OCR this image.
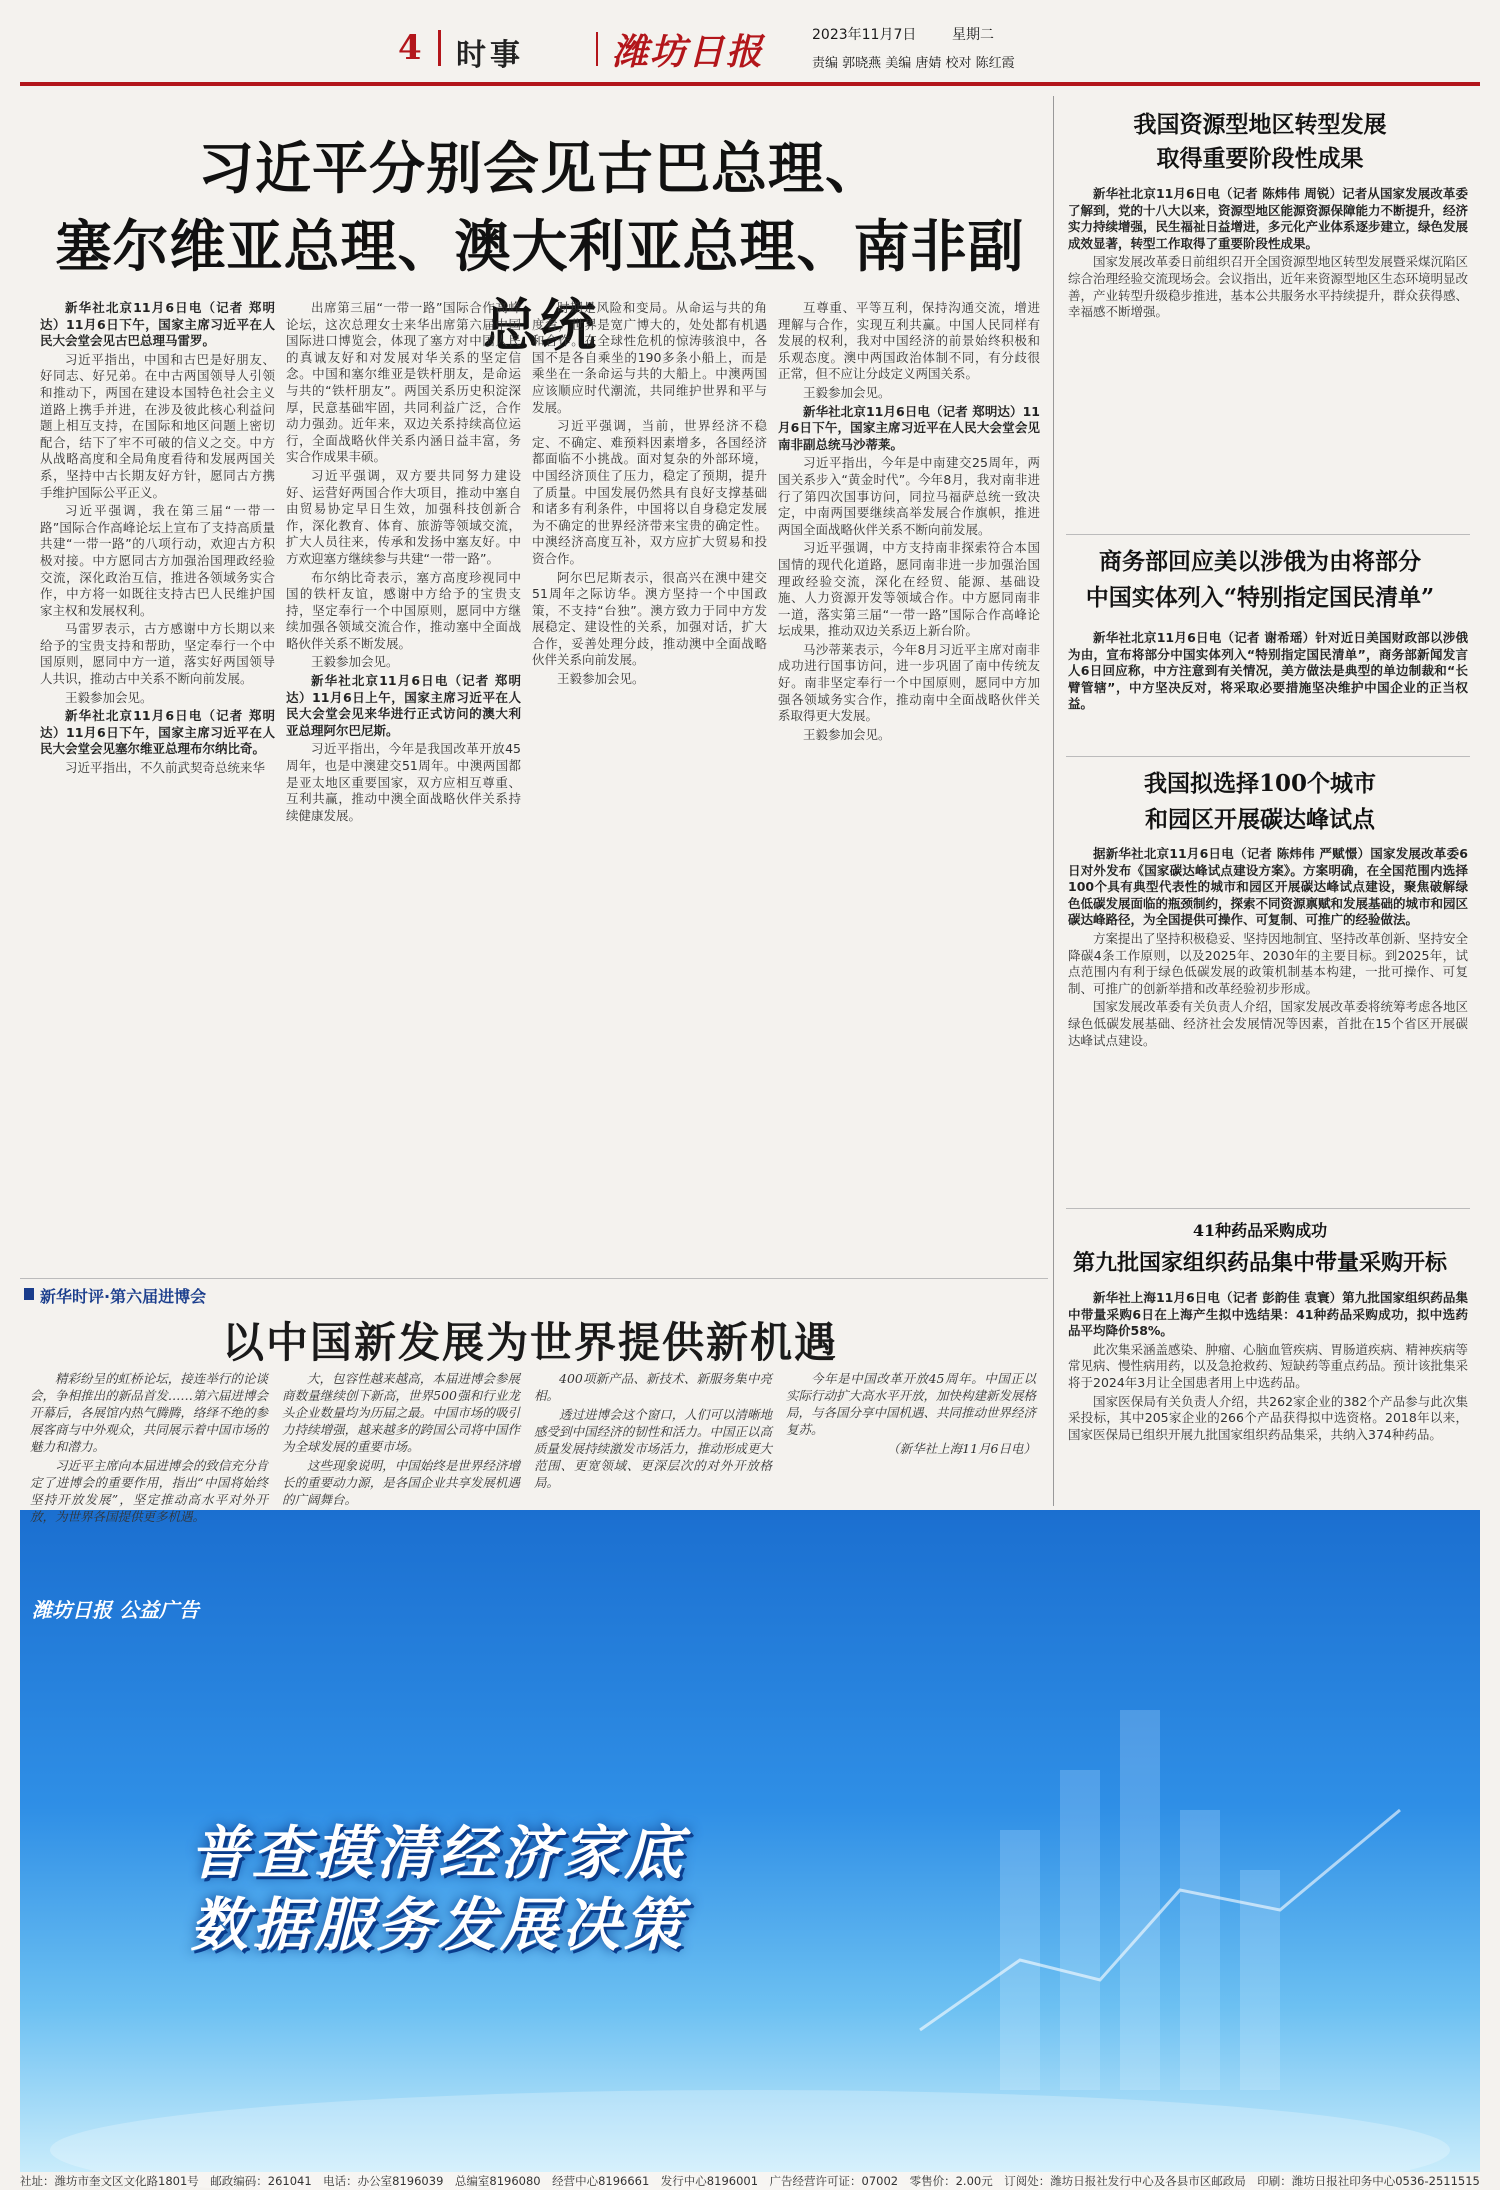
4 时事 潍坊日报	2023年11月7日	星期二
责编 郭晓燕 美编 唐婧 校对 陈红霞
习近平分别会见古巴总理、
塞尔维亚总理、澳大利亚总理、南非副总统

新华社北京11月6日电（记者 郑明达）11月6日下午，国家主席习近平在人民大会堂会见古巴总理马雷罗。

习近平指出，中国和古巴是好朋友、好同志、好兄弟。在中古两国领导人引领和推动下，两国在建设本国特色社会主义道路上携手并进，在涉及彼此核心利益问题上相互支持，在国际和地区问题上密切配合，结下了牢不可破的信义之交。中方从战略高度和全局角度看待和发展两国关系，坚持中古长期友好方针，愿同古方携手维护国际公平正义。

习近平强调，我在第三届“一带一路”国际合作高峰论坛上宣布了支持高质量共建“一带一路”的八项行动，欢迎古方积极对接。中方愿同古方加强治国理政经验交流，深化政治互信，推进各领域务实合作，中方将一如既往支持古巴人民维护国家主权和发展权利。

马雷罗表示，古方感谢中方长期以来给予的宝贵支持和帮助，坚定奉行一个中国原则，愿同中方一道，落实好两国领导人共识，推动古中关系不断向前发展。

王毅参加会见。

新华社北京11月6日电（记者 郑明达）11月6日下午，国家主席习近平在人民大会堂会见塞尔维亚总理布尔纳比奇。

习近平指出，不久前武契奇总统来华

出席第三届“一带一路”国际合作高峰论坛，这次总理女士来华出席第六届中国国际进口博览会，体现了塞方对中国人民的真诚友好和对发展对华关系的坚定信念。中国和塞尔维亚是铁杆朋友，是命运与共的“铁杆朋友”。两国关系历史积淀深厚，民意基础牢固，共同利益广泛，合作动力强劲。近年来，双边关系持续高位运行，全面战略伙伴关系内涵日益丰富，务实合作成果丰硕。

习近平强调，双方要共同努力建设好、运营好两国合作大项目，推动中塞自由贸易协定早日生效，加强科技创新合作，深化教育、体育、旅游等领域交流，扩大人员往来，传承和发扬中塞友好。中方欢迎塞方继续参与共建“一带一路”。

布尔纳比奇表示，塞方高度珍视同中国的铁杆友谊，感谢中方给予的宝贵支持，坚定奉行一个中国原则，愿同中方继续加强各领域交流合作，推动塞中全面战略伙伴关系不断发展。

王毅参加会见。

新华社北京11月6日电（记者 郑明达）11月6日上午，国家主席习近平在人民大会堂会见来华进行正式访问的澳大利亚总理阿尔巴尼斯。

习近平指出，今年是我国改革开放45周年，也是中澳建交51周年。中澳两国都是亚太地区重要国家，双方应相互尊重、互利共赢，推动中澳全面战略伙伴关系持续健康发展。

时期是风险和变局。从命运与共的角度看，世界是宽广博大的，处处都有机遇和合作。在全球性危机的惊涛骇浪中，各国不是各自乘坐的190多条小船上，而是乘坐在一条命运与共的大船上。中澳两国应该顺应时代潮流，共同维护世界和平与发展。

习近平强调，当前，世界经济不稳定、不确定、难预料因素增多，各国经济都面临不小挑战。面对复杂的外部环境，中国经济顶住了压力，稳定了预期，提升了质量。中国发展仍然具有良好支撑基础和诸多有利条件，中国将以自身稳定发展为不确定的世界经济带来宝贵的确定性。中澳经济高度互补，双方应扩大贸易和投资合作。

阿尔巴尼斯表示，很高兴在澳中建交51周年之际访华。澳方坚持一个中国政策，不支持“台独”。澳方致力于同中方发展稳定、建设性的关系，加强对话，扩大合作，妥善处理分歧，推动澳中全面战略伙伴关系向前发展。

王毅参加会见。

互尊重、平等互利，保持沟通交流，增进理解与合作，实现互利共赢。中国人民同样有发展的权利，我对中国经济的前景始终积极和乐观态度。澳中两国政治体制不同，有分歧很正常，但不应让分歧定义两国关系。

王毅参加会见。

新华社北京11月6日电（记者 郑明达）11月6日下午，国家主席习近平在人民大会堂会见南非副总统马沙蒂莱。

习近平指出，今年是中南建交25周年，两国关系步入“黄金时代”。今年8月，我对南非进行了第四次国事访问，同拉马福萨总统一致决定，中南两国要继续高举发展合作旗帜，推进两国全面战略伙伴关系不断向前发展。

习近平强调，中方支持南非探索符合本国国情的现代化道路，愿同南非进一步加强治国理政经验交流，深化在经贸、能源、基础设施、人力资源开发等领域合作。中方愿同南非一道，落实第三届“一带一路”国际合作高峰论坛成果，推动双边关系迈上新台阶。

马沙蒂莱表示，今年8月习近平主席对南非成功进行国事访问，进一步巩固了南中传统友好。南非坚定奉行一个中国原则，愿同中方加强各领域务实合作，推动南中全面战略伙伴关系取得更大发展。

王毅参加会见。

我国资源型地区转型发展
取得重要阶段性成果

新华社北京11月6日电（记者 陈炜伟 周锐）记者从国家发展改革委了解到，党的十八大以来，资源型地区能源资源保障能力不断提升，经济实力持续增强，民生福祉日益增进，多元化产业体系逐步建立，绿色发展成效显著，转型工作取得了重要阶段性成果。

国家发展改革委日前组织召开全国资源型地区转型发展暨采煤沉陷区综合治理经验交流现场会。会议指出，近年来资源型地区生态环境明显改善，产业转型升级稳步推进，基本公共服务水平持续提升，群众获得感、幸福感不断增强。

商务部回应美以涉俄为由将部分
中国实体列入“特别指定国民清单”

新华社北京11月6日电（记者 谢希瑶）针对近日美国财政部以涉俄为由，宣布将部分中国实体列入“特别指定国民清单”，商务部新闻发言人6日回应称，中方注意到有关情况，美方做法是典型的单边制裁和“长臂管辖”，中方坚决反对，将采取必要措施坚决维护中国企业的正当权益。

我国拟选择100个城市
和园区开展碳达峰试点

据新华社北京11月6日电（记者 陈炜伟 严赋憬）国家发展改革委6日对外发布《国家碳达峰试点建设方案》。方案明确，在全国范围内选择100个具有典型代表性的城市和园区开展碳达峰试点建设，聚焦破解绿色低碳发展面临的瓶颈制约，探索不同资源禀赋和发展基础的城市和园区碳达峰路径，为全国提供可操作、可复制、可推广的经验做法。

方案提出了坚持积极稳妥、坚持因地制宜、坚持改革创新、坚持安全降碳4条工作原则，以及2025年、2030年的主要目标。到2025年，试点范围内有利于绿色低碳发展的政策机制基本构建，一批可操作、可复制、可推广的创新举措和改革经验初步形成。

国家发展改革委有关负责人介绍，国家发展改革委将统筹考虑各地区绿色低碳发展基础、经济社会发展情况等因素，首批在15个省区开展碳达峰试点建设。

41种药品采购成功
第九批国家组织药品集中带量采购开标

新华社上海11月6日电（记者 彭韵佳 袁寰）第九批国家组织药品集中带量采购6日在上海产生拟中选结果：41种药品采购成功，拟中选药品平均降价58%。

此次集采涵盖感染、肿瘤、心脑血管疾病、胃肠道疾病、精神疾病等常见病、慢性病用药，以及急抢救药、短缺药等重点药品。预计该批集采将于2024年3月让全国患者用上中选药品。

国家医保局有关负责人介绍，共262家企业的382个产品参与此次集采投标，其中205家企业的266个产品获得拟中选资格。2018年以来，国家医保局已组织开展九批国家组织药品集采，共纳入374种药品。

潍坊日报 公益广告
普查摸清经济家底
数据服务发展决策
新华时评·第六届进博会
以中国新发展为世界提供新机遇

精彩纷呈的虹桥论坛，接连举行的论谈会，争相推出的新品首发……第六届进博会开幕后，各展馆内热气腾腾，络绎不绝的参展客商与中外观众，共同展示着中国市场的魅力和潜力。

习近平主席向本届进博会的致信充分肯定了进博会的重要作用，指出“中国将始终坚持开放发展”，坚定推动高水平对外开放，为世界各国提供更多机遇。

大，包容性越来越高，本届进博会参展商数量继续创下新高，世界500强和行业龙头企业数量均为历届之最。中国市场的吸引力持续增强，越来越多的跨国公司将中国作为全球发展的重要市场。

这些现象说明，中国始终是世界经济增长的重要动力源，是各国企业共享发展机遇的广阔舞台。

400项新产品、新技术、新服务集中亮相。

透过进博会这个窗口，人们可以清晰地感受到中国经济的韧性和活力。中国正以高质量发展持续激发市场活力，推动形成更大范围、更宽领域、更深层次的对外开放格局。

今年是中国改革开放45周年。中国正以实际行动扩大高水平开放，加快构建新发展格局，与各国分享中国机遇、共同推动世界经济复苏。

（新华社上海11月6日电）

社址：潍坊市奎文区文化路1801号　邮政编码：261041　电话：办公室8196039　总编室8196080　经营中心8196661　发行中心8196001　广告经营许可证：07002　零售价：2.00元　订阅处：潍坊日报社发行中心及各县市区邮政局　印刷：潍坊日报社印务中心0536-2511515
